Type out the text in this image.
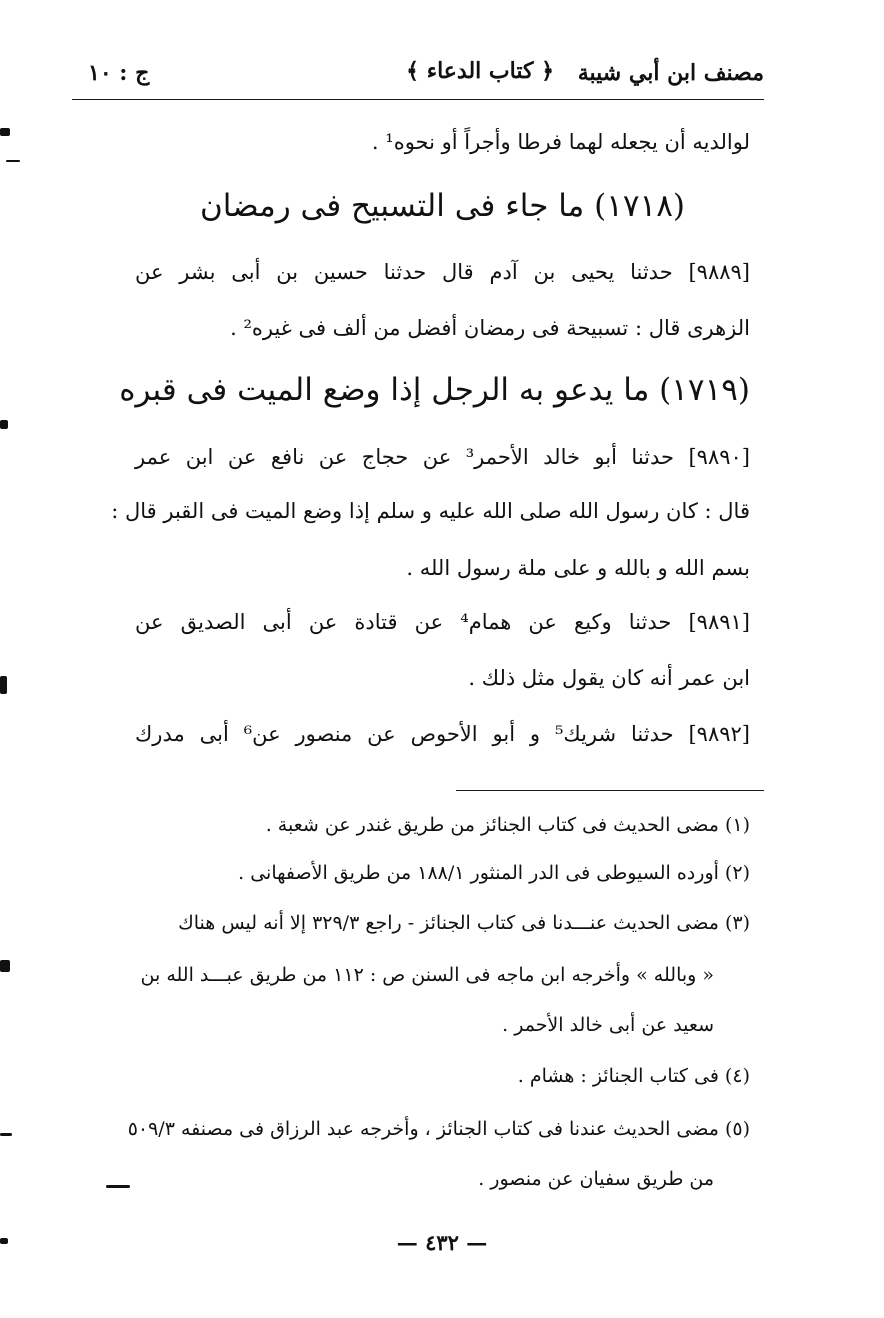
مصنف ابن أبي شيبة
﴿ كتاب الدعاء ﴾
ج : ١٠
لوالديه أن يجعله لهما فرطا وأجراً أو نحوه¹ .
(١٧١٨) ما جاء فى التسبيح فى رمضان
[٩٨٨٩] حدثنا يحيى بن آدم قال حدثنا حسين بن أبى بشر عن
الزهرى قال : تسبيحة فى رمضان أفضل من ألف فى غيره² .
(١٧١٩) ما يدعو به الرجل إذا وضع الميت فى قبره
[٩٨٩٠] حدثنا أبو خالد الأحمر³ عن حجاج عن نافع عن ابن عمر
قال : كان رسول الله صلى الله عليه و سلم إذا وضع الميت فى القبر قال :
بسم الله و بالله و على ملة رسول الله .
[٩٨٩١] حدثنا وكيع عن همام⁴ عن قتادة عن أبى الصديق عن
ابن عمر أنه كان يقول مثل ذلك .
[٩٨٩٢] حدثنا شريك⁵ و أبو الأحوص عن منصور عن⁶ أبى مدرك
(١) مضى الحديث فى كتاب الجنائز من طريق غندر عن شعبة .
(٢) أورده السيوطى فى الدر المنثور ١٨٨/١ من طريق الأصفهانى .
(٣) مضى الحديث عنـــدنا فى كتاب الجنائز - راجع ٣٢٩/٣ إلا أنه ليس هناك
« وبالله » وأخرجه ابن ماجه فى السنن ص : ١١٢ من طريق عبـــد الله بن
سعيد عن أبى خالد الأحمر .
(٤) فى كتاب الجنائز : هشام .
(٥) مضى الحديث عندنا فى كتاب الجنائز ، وأخرجه عبد الرزاق فى مصنفه ٥٠٩/٣
من طريق سفيان عن منصور .
— ٤٣٢ —
